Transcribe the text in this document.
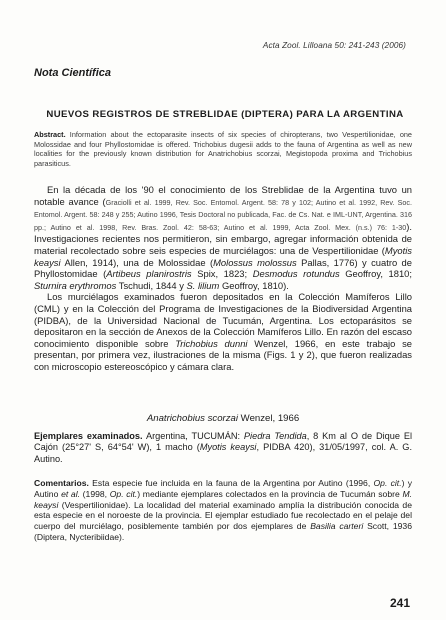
Acta Zool. Lilloana 50: 241-243 (2006)
Nota Científica
NUEVOS REGISTROS DE STREBLIDAE (DIPTERA) PARA LA ARGENTINA

Abstract. Information about the ectoparasite insects of six species of chiropterans, two Vespertilionidae, one Molossidae and four Phyllostomidae is offered. Trichobius dugesii adds to the fauna of Argentina as well as new localities for the previously known distribution for Anatrichobius scorzai, Megistopoda proxima and Trichobius parasiticus.

En la década de los '90 el conocimiento de los Streblidae de la Argentina tuvo un notable avance (Graciolli et al. 1999, Rev. Soc. Entomol. Argent. 58: 78 y 102; Autino et al. 1992, Rev. Soc. Entomol. Argent. 58: 248 y 255; Autino 1996, Tesis Doctoral no publicada, Fac. de Cs. Nat. e IML-UNT, Argentina. 316 pp.; Autino et al. 1998, Rev. Bras. Zool. 42: 58-63; Autino et al. 1999, Acta Zool. Mex. (n.s.) 76: 1-30). Investigaciones recientes nos permitieron, sin embargo, agregar información obtenida de material recolectado sobre seis especies de murciélagos: una de Vespertilionidae (Myotis keaysi Allen, 1914), una de Molossidae (Molossus molossus Pallas, 1776) y cuatro de Phyllostomidae (Artibeus planirostris Spix, 1823; Desmodus rotundus Geoffroy, 1810; Sturnira erythromos Tschudi, 1844 y S. lilium Geoffroy, 1810).

Los murciélagos examinados fueron depositados en la Colección Mamíferos Lillo (CML) y en la Colección del Programa de Investigaciones de la Biodiversidad Argentina (PIDBA), de la Universidad Nacional de Tucumán, Argentina. Los ectoparásitos se depositaron en la sección de Anexos de la Colección Mamíferos Lillo. En razón del escaso conocimiento disponible sobre Trichobius dunni Wenzel, 1966, en este trabajo se presentan, por primera vez, ilustraciones de la misma (Figs. 1 y 2), que fueron realizadas con microscopio estereoscópico y cámara clara.

Anatrichobius scorzai Wenzel, 1966

Ejemplares examinados. Argentina, TUCUMÁN: Piedra Tendida, 8 Km al O de Dique El Cajón (25°27' S, 64°54' W), 1 macho (Myotis keaysi, PIDBA 420), 31/05/1997, col. A. G. Autino.

Comentarios. Esta especie fue incluida en la fauna de la Argentina por Autino (1996, Op. cit.) y Autino et al. (1998, Op. cit.) mediante ejemplares colectados en la provincia de Tucumán sobre M. keaysi (Vespertilionidae). La localidad del material examinado amplía la distribución conocida de esta especie en el noroeste de la provincia. El ejemplar estudiado fue recolectado en el pelaje del cuerpo del murciélago, posiblemente también por dos ejemplares de Basilia carteri Scott, 1936 (Diptera, Nycteribiidae).

241
